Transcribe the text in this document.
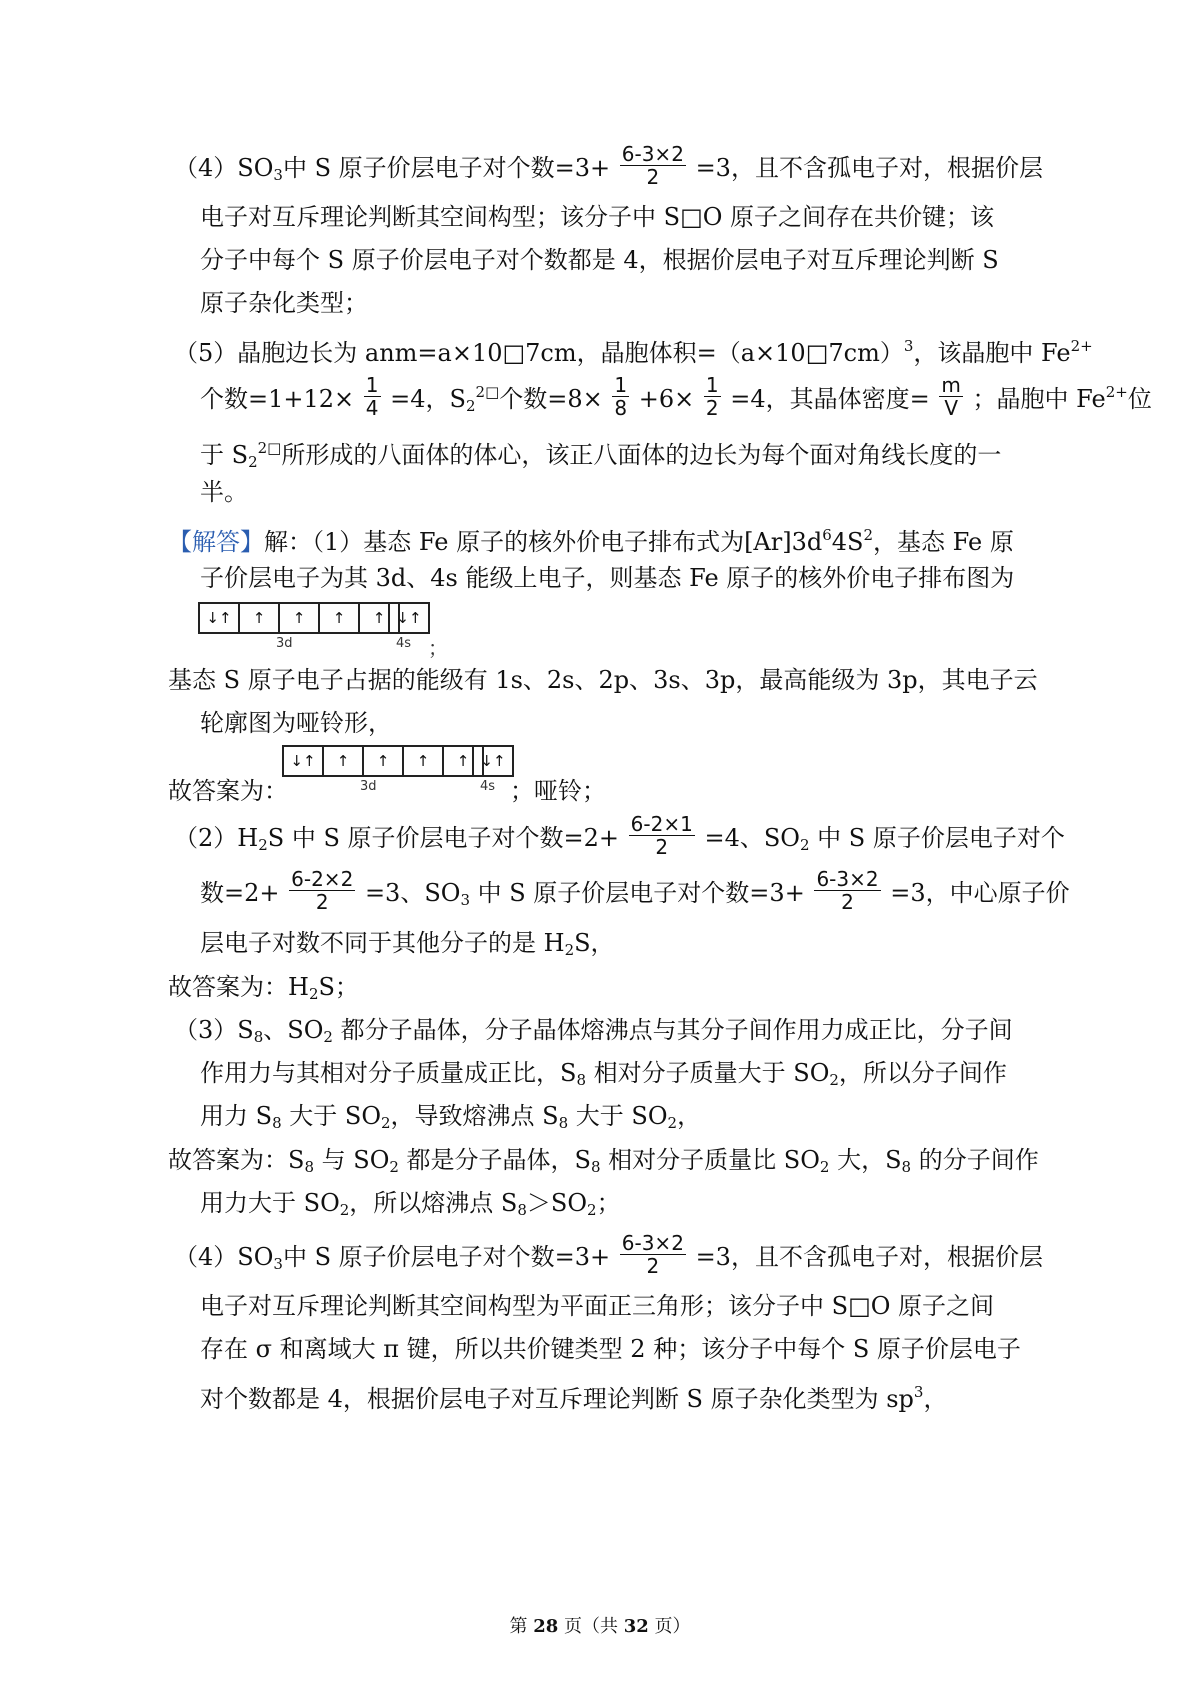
$(4)SO_3$中 S 原子价层电子对个数$=3+ \frac{6-3\times 2}{2} =3$，且不含孤电子对，根据价层
电子对互斥理论判断其空间构型；该分子中 S□O 原子之间存在共价键；该
分子中每个 S 原子价层电子对个数都是 4，根据价层电子对互斥理论判断 S
原子杂化类型；
（5）晶胞边长为 anm=a×10□7cm，晶胞体积=（a×10□7cm）$^3$，该晶胞中 $Fe^{2+}$
个数$=1+12\times \frac{1}{4} =4$，$S_2^{2□}$个数$=8\times \frac{1}{8} +6\times \frac{1}{2} =4$，其晶体密度= $\frac{m}{V}$ ；晶胞中 $Fe^{2+}$位
于 $S_2^{2□}$所形成的八面体的体心，该正八面体的边长为每个面对角线长度的一
半。
【解答】解：（1）基态 Fe 原子的核外价电子排布式为$[Ar]3d^64S^2$，基态 Fe 原
子价层电子为其 3d、4s 能级上电子，则基态 Fe 原子的核外价电子排布图为
↓↑	↑	↑	↑	↑ ↓↑
3d	4s ；
基态 S 原子电子占据的能级有 1s、2s、2p、3s、3p，最高能级为 3p，其电子云
轮廓图为哑铃形，
故答案为：
↓↑	↑	↑	↑	↑ ↓↑
3d	4s ；哑铃；
$(2)H_2S$ 中 S 原子价层电子对个数$=2+ \frac{6-2\times 1}{2} =4$、$SO_2$ 中 S 原子价层电子对个
数$=2+ \frac{6-2\times 2}{2} =3$、$SO_3$ 中 S 原子价层电子对个数$=3+ \frac{6-3\times 2}{2} =3$，中心原子价
层电子对数不同于其他分子的是 $H_2S$，
故答案为：$H_2S$；
$(3)S_8$、$SO_2$ 都分子晶体，分子晶体熔沸点与其分子间作用力成正比，分子间
作用力与其相对分子质量成正比，$S_8$ 相对分子质量大于 $SO_2$，所以分子间作
用力 $S_8$ 大于 $SO_2$，导致熔沸点 $S_8$ 大于 $SO_2$，
故答案为：$S_8$ 与 $SO_2$ 都是分子晶体，$S_8$ 相对分子质量比 $SO_2$ 大，$S_8$ 的分子间作
用力大于 $SO_2$，所以熔沸点 $S_8>SO_2$；
$(4)SO_3$中 S 原子价层电子对个数$=3+ \frac{6-3\times 2}{2} =3$，且不含孤电子对，根据价层
电子对互斥理论判断其空间构型为平面正三角形；该分子中 S□O 原子之间
存在 σ 和离域大 π 键，所以共价键类型 2 种；该分子中每个 S 原子价层电子
对个数都是 4，根据价层电子对互斥理论判断 S 原子杂化类型为 $sp^3$，
第 28 页（共 32 页）
